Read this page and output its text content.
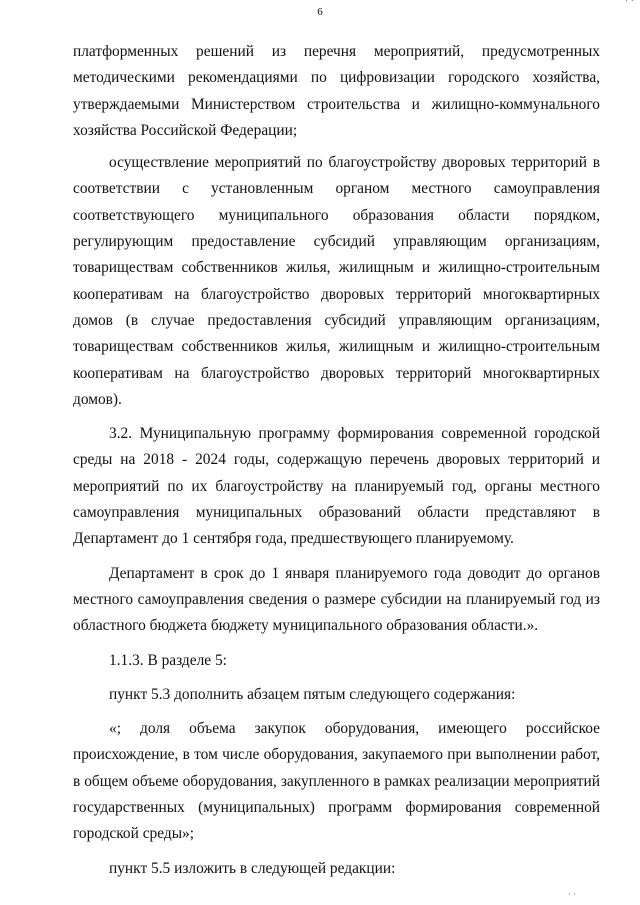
· ·
6

платформенных решений из перечня мероприятий, предусмотренных методическими рекомендациями по цифровизации городского хозяйства, утверждаемыми Министерством строительства и жилищно-коммунального хозяйства Российской Федерации;

осуществление мероприятий по благоустройству дворовых территорий в соответствии с установленным органом местного самоуправления соответствующего муниципального образования области порядком, регулирующим предоставление субсидий управляющим организациям, товариществам собственников жилья, жилищным и жилищно-строительным кооперативам на благоустройство дворовых территорий многоквартирных домов (в случае предоставления субсидий управляющим организациям, товариществам собственников жилья, жилищным и жилищно-строительным кооперативам на благоустройство дворовых территорий многоквартирных домов).

3.2. Муниципальную программу формирования современной городской среды на 2018 - 2024 годы, содержащую перечень дворовых территорий и мероприятий по их благоустройству на планируемый год, органы местного самоуправления муниципальных образований области представляют в Департамент до 1 сентября года, предшествующего планируемому.

Департамент в срок до 1 января планируемого года доводит до органов местного самоуправления сведения о размере субсидии на планируемый год из областного бюджета бюджету муниципального образования области.».

1.1.3. В разделе 5:

пункт 5.3 дополнить абзацем пятым следующего содержания:

«; доля объема закупок оборудования, имеющего российское происхождение, в том числе оборудования, закупаемого при выполнении работ, в общем объеме оборудования, закупленного в рамках реализации мероприятий государственных (муниципальных) программ формирования современной городской среды»;

пункт 5.5 изложить в следующей редакции:

· ·
